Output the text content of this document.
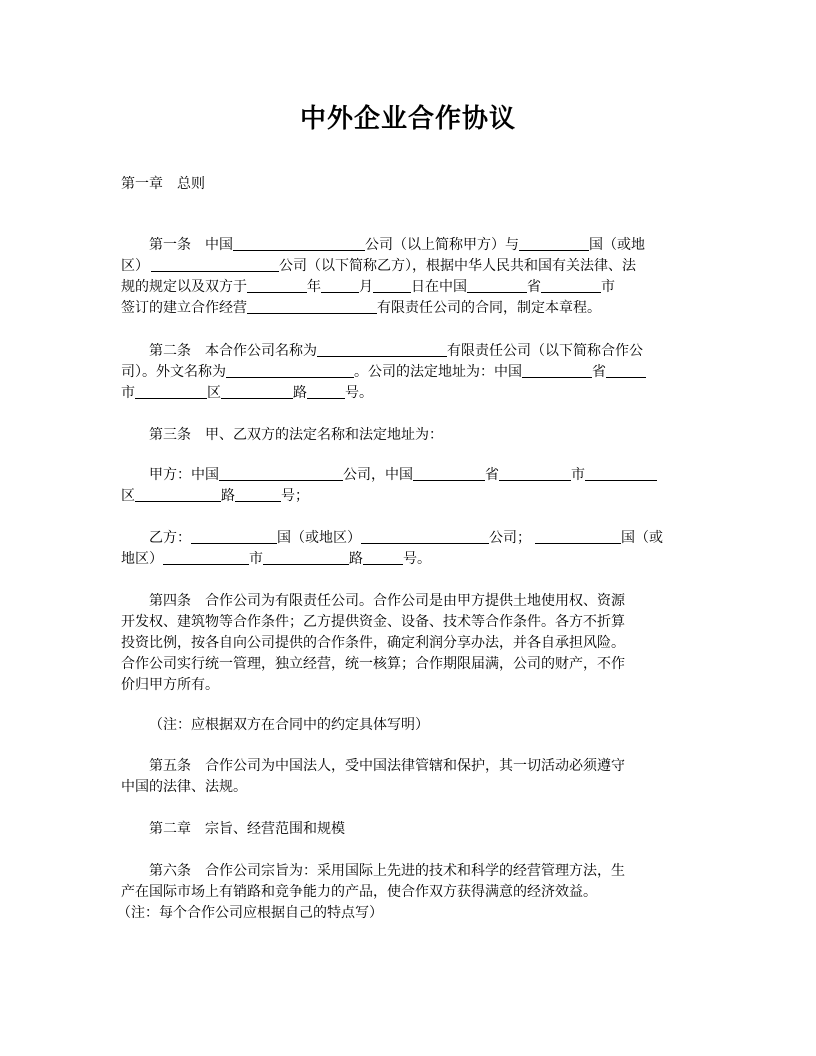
中外企业合作协议
第一章　总则
第一条　中国	公司（以上简称甲方）与	国（或地
区）	公司（以下简称乙方），根据中华人民共和国有关法律、法
规的规定以及双方于	年	月	日在中国	省	市
签订的建立合作经营	有限责任公司的合同，制定本章程。
第二条　本合作公司名称为	有限责任公司（以下简称合作公
司）。外文名称为	。公司的法定地址为：中国	省
市	区	路	号。
第三条　甲、乙双方的法定名称和法定地址为：
甲方：中国	公司，中国	省	市
区	路	号；
乙方：	国（或地区）	公司；	国（或
地区）	市	路	号。
第四条　合作公司为有限责任公司。合作公司是由甲方提供土地使用权、资源
开发权、建筑物等合作条件；乙方提供资金、设备、技术等合作条件。各方不折算
投资比例，按各自向公司提供的合作条件，确定利润分享办法，并各自承担风险。
合作公司实行统一管理，独立经营，统一核算；合作期限届满，公司的财产，不作
价归甲方所有。
（注：应根据双方在合同中的约定具体写明）
第五条　合作公司为中国法人，受中国法律管辖和保护，其一切活动必须遵守
中国的法律、法规。
第二章　宗旨、经营范围和规模
第六条　合作公司宗旨为：采用国际上先进的技术和科学的经营管理方法，生
产在国际市场上有销路和竞争能力的产品，使合作双方获得满意的经济效益。
（注：每个合作公司应根据自己的特点写）
